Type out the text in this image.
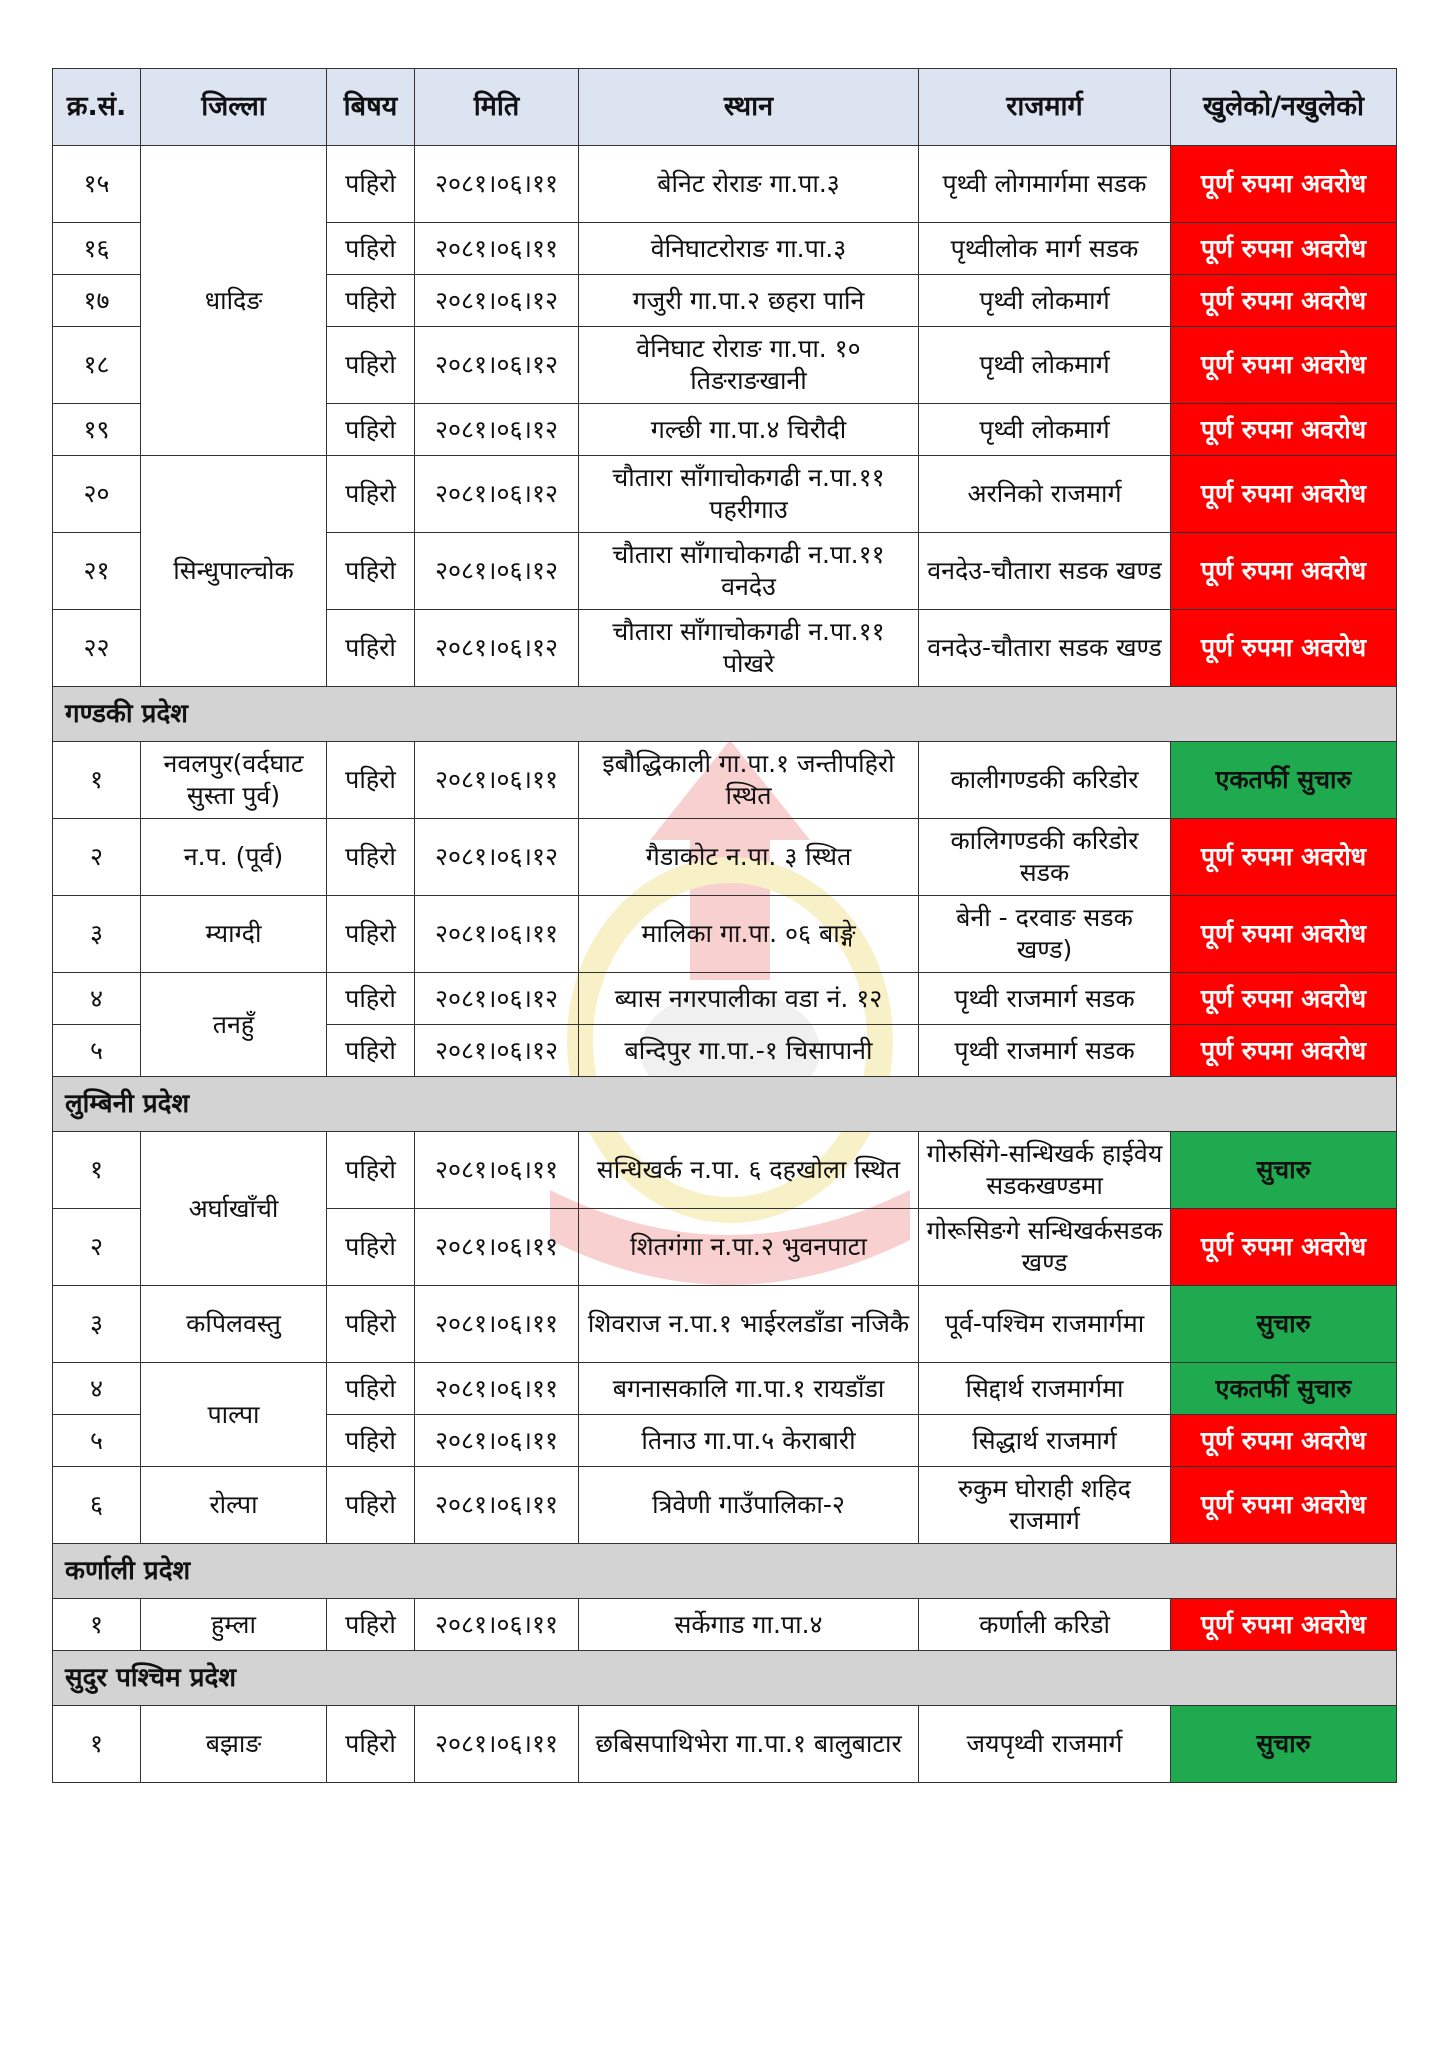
क्र.सं.	जिल्ला	बिषय	मिति	स्थान	राजमार्ग	खुलेको/नखुलेको
१५	धादिङ	पहिरो	२०८१।०६।११	बेनिट रोराङ गा.पा.३	पृथ्वी लोगमार्गमा सडक	पूर्ण रुपमा अवरोध
१६		पहिरो	२०८१।०६।११	वेनिघाटरोराङ गा.पा.३	पृथ्वीलोक मार्ग सडक	पूर्ण रुपमा अवरोध
१७		पहिरो	२०८१।०६।१२	गजुरी गा.पा.२ छहरा पानि	पृथ्वी लोकमार्ग	पूर्ण रुपमा अवरोध
१८		पहिरो	२०८१।०६।१२	वेनिघाट रोराङ गा.पा. १० तिङराङखानी	पृथ्वी लोकमार्ग	पूर्ण रुपमा अवरोध
१९		पहिरो	२०८१।०६।१२	गल्छी गा.पा.४ चिरौदी	पृथ्वी लोकमार्ग	पूर्ण रुपमा अवरोध
२०	सिन्धुपाल्चोक	पहिरो	२०८१।०६।१२	चौतारा साँगाचोकगढी न.पा.११ पहरीगाउ	अरनिको राजमार्ग	पूर्ण रुपमा अवरोध
२१		पहिरो	२०८१।०६।१२	चौतारा साँगाचोकगढी न.पा.११ वनदेउ	वनदेउ-चौतारा सडक खण्ड	पूर्ण रुपमा अवरोध
२२		पहिरो	२०८१।०६।१२	चौतारा साँगाचोकगढी न.पा.११ पोखरे	वनदेउ-चौतारा सडक खण्ड	पूर्ण रुपमा अवरोध
गण्डकी प्रदेश						
१	नवलपुर(वर्दघाट सुस्ता पुर्व)	पहिरो	२०८१।०६।११	इबौद्धिकाली गा.पा.१ जन्तीपहिरो स्थित	कालीगण्डकी करिडोर	एकतर्फी सुचारु
२	न.प. (पूर्व)	पहिरो	२०८१।०६।१२	गैडाकोट न.पा. ३ स्थित	कालिगण्डकी करिडोर सडक	पूर्ण रुपमा अवरोध
३	म्याग्दी	पहिरो	२०८१।०६।११	मालिका गा.पा. ०६ बाङ्गे	बेनी - दरवाङ सडक खण्ड)	पूर्ण रुपमा अवरोध
४	तनहुँ	पहिरो	२०८१।०६।१२	ब्यास नगरपालीका वडा नं. १२	पृथ्वी राजमार्ग सडक	पूर्ण रुपमा अवरोध
५		पहिरो	२०८१।०६।१२	बन्दिपुर गा.पा.-१ चिसापानी	पृथ्वी राजमार्ग सडक	पूर्ण रुपमा अवरोध
लुम्बिनी प्रदेश						
१	अर्घाखाँची	पहिरो	२०८१।०६।११	सन्धिखर्क न.पा. ६ दहखोला स्थित	गोरुसिंगे-सन्धिखर्क हाईवेय सडकखण्डमा	सुचारु
२		पहिरो	२०८१।०६।११	शितगंगा न.पा.२ भुवनपाटा	गोरूसिङगे सन्धिखर्कसडक खण्ड	पूर्ण रुपमा अवरोध
३	कपिलवस्तु	पहिरो	२०८१।०६।११	शिवराज न.पा.१ भाईरलडाँडा नजिकै	पूर्व-पश्चिम राजमार्गमा	सुचारु
४	पाल्पा	पहिरो	२०८१।०६।११	बगनासकालि गा.पा.१ रायडाँडा	सिद्दार्थ राजमार्गमा	एकतर्फी सुचारु
५		पहिरो	२०८१।०६।११	तिनाउ गा.पा.५ केराबारी	सिद्धार्थ राजमार्ग	पूर्ण रुपमा अवरोध
६	रोल्पा	पहिरो	२०८१।०६।११	त्रिवेणी गाउँपालिका-२	रुकुम घोराही शहिद राजमार्ग	पूर्ण रुपमा अवरोध
कर्णाली प्रदेश						
१	हुम्ला	पहिरो	२०८१।०६।११	सर्केगाड गा.पा.४	कर्णाली करिडो	पूर्ण रुपमा अवरोध
सुदुर पश्चिम प्रदेश						
१	बझाङ	पहिरो	२०८१।०६।११	छबिसपाथिभेरा गा.पा.१ बालुबाटार	जयपृथ्वी राजमार्ग	सुचारु
